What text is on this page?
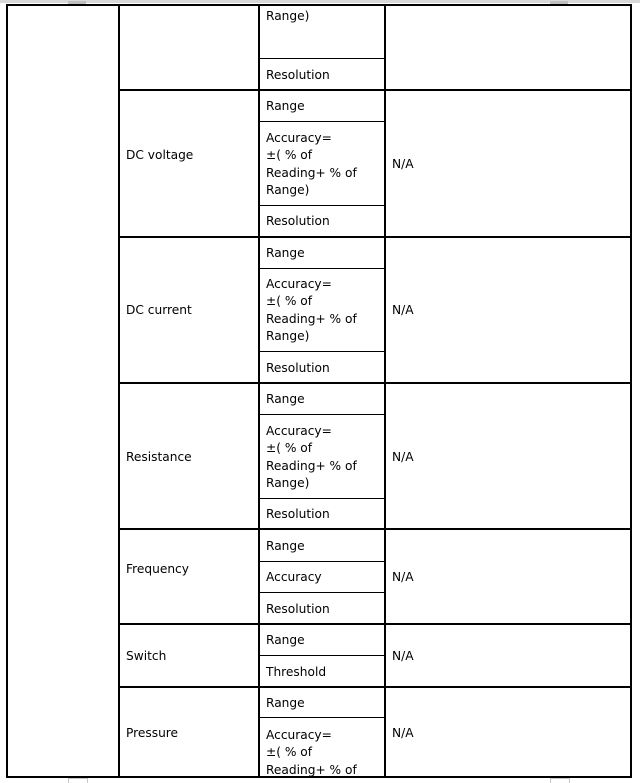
Range)
Resolution
DC voltage
Range
Accuracy=
±( % of
Reading+ % of
Range)
Resolution
N/A
DC current
Range
Accuracy=
±( % of
Reading+ % of
Range)
Resolution
N/A
Resistance
Range
Accuracy=
±( % of
Reading+ % of
Range)
Resolution
N/A
Frequency
Range
Accuracy
Resolution
N/A
Switch
Range
Threshold
N/A
Pressure
Range
Accuracy=
±( % of
Reading+ % of
N/A
